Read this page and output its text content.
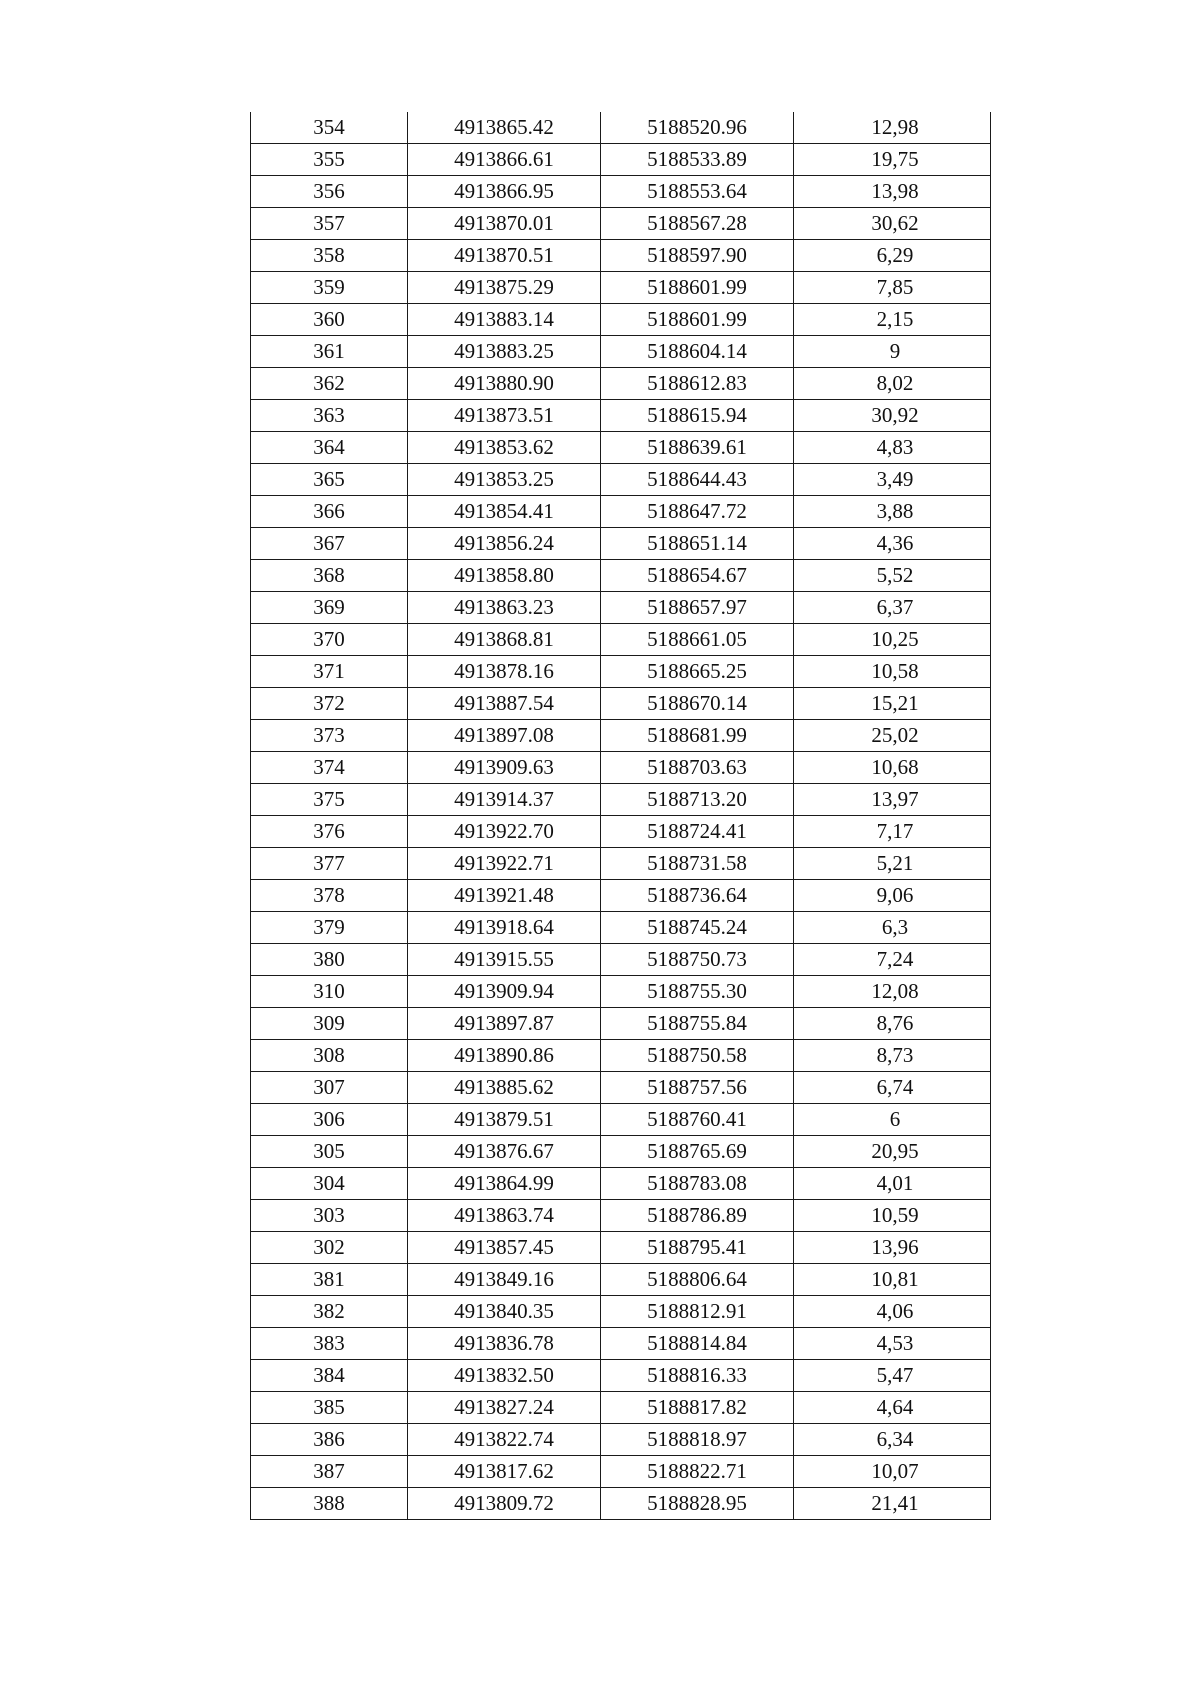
354	4913865.42	5188520.96	12,98
355	4913866.61	5188533.89	19,75
356	4913866.95	5188553.64	13,98
357	4913870.01	5188567.28	30,62
358	4913870.51	5188597.90	6,29
359	4913875.29	5188601.99	7,85
360	4913883.14	5188601.99	2,15
361	4913883.25	5188604.14	9
362	4913880.90	5188612.83	8,02
363	4913873.51	5188615.94	30,92
364	4913853.62	5188639.61	4,83
365	4913853.25	5188644.43	3,49
366	4913854.41	5188647.72	3,88
367	4913856.24	5188651.14	4,36
368	4913858.80	5188654.67	5,52
369	4913863.23	5188657.97	6,37
370	4913868.81	5188661.05	10,25
371	4913878.16	5188665.25	10,58
372	4913887.54	5188670.14	15,21
373	4913897.08	5188681.99	25,02
374	4913909.63	5188703.63	10,68
375	4913914.37	5188713.20	13,97
376	4913922.70	5188724.41	7,17
377	4913922.71	5188731.58	5,21
378	4913921.48	5188736.64	9,06
379	4913918.64	5188745.24	6,3
380	4913915.55	5188750.73	7,24
310	4913909.94	5188755.30	12,08
309	4913897.87	5188755.84	8,76
308	4913890.86	5188750.58	8,73
307	4913885.62	5188757.56	6,74
306	4913879.51	5188760.41	6
305	4913876.67	5188765.69	20,95
304	4913864.99	5188783.08	4,01
303	4913863.74	5188786.89	10,59
302	4913857.45	5188795.41	13,96
381	4913849.16	5188806.64	10,81
382	4913840.35	5188812.91	4,06
383	4913836.78	5188814.84	4,53
384	4913832.50	5188816.33	5,47
385	4913827.24	5188817.82	4,64
386	4913822.74	5188818.97	6,34
387	4913817.62	5188822.71	10,07
388	4913809.72	5188828.95	21,41
